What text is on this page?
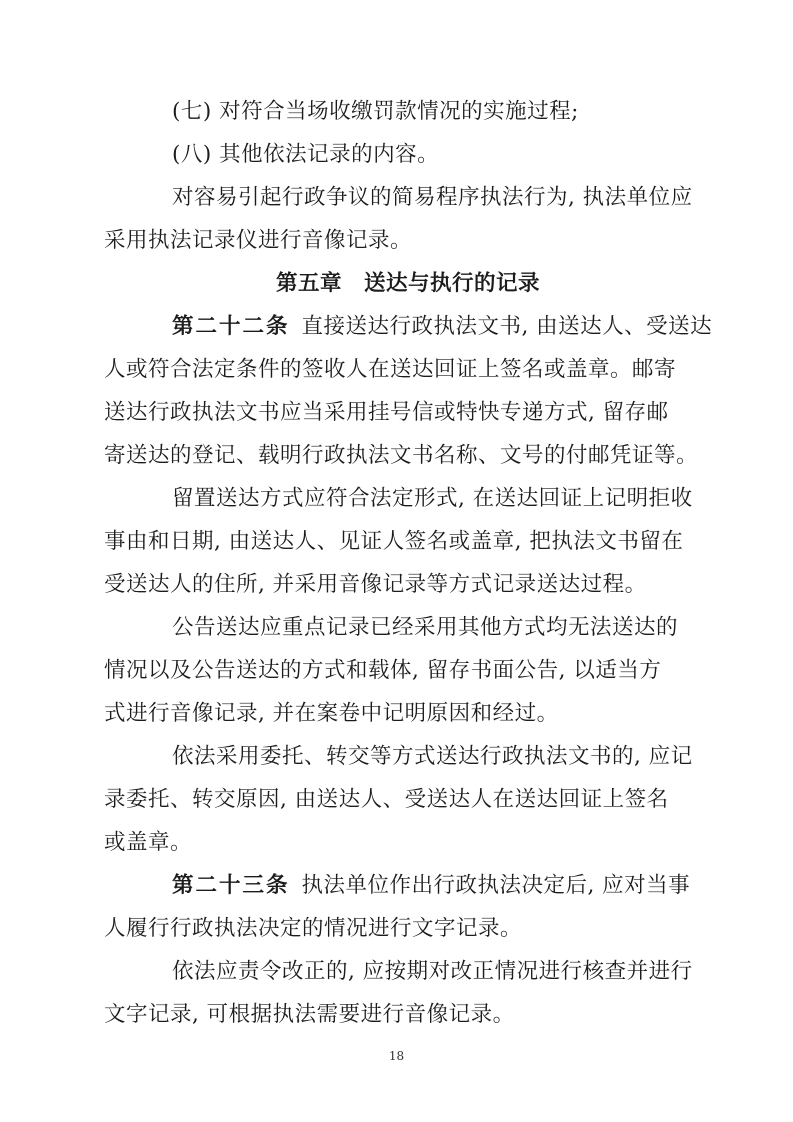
(七) 对符合当场收缴罚款情况的实施过程;
(八) 其他依法记录的内容。
对容易引起行政争议的简易程序执法行为, 执法单位应
采用执法记录仪进行音像记录。
第五章　送达与执行的记录
第二十二条 直接送达行政执法文书, 由送达人、受送达
人或符合法定条件的签收人在送达回证上签名或盖章。邮寄
送达行政执法文书应当采用挂号信或特快专递方式, 留存邮
寄送达的登记、载明行政执法文书名称、文号的付邮凭证等。
留置送达方式应符合法定形式, 在送达回证上记明拒收
事由和日期, 由送达人、见证人签名或盖章, 把执法文书留在
受送达人的住所, 并采用音像记录等方式记录送达过程。
公告送达应重点记录已经采用其他方式均无法送达的
情况以及公告送达的方式和载体, 留存书面公告, 以适当方
式进行音像记录, 并在案卷中记明原因和经过。
依法采用委托、转交等方式送达行政执法文书的, 应记
录委托、转交原因, 由送达人、受送达人在送达回证上签名
或盖章。
第二十三条 执法单位作出行政执法决定后, 应对当事
人履行行政执法决定的情况进行文字记录。
依法应责令改正的, 应按期对改正情况进行核查并进行
文字记录, 可根据执法需要进行音像记录。
18
